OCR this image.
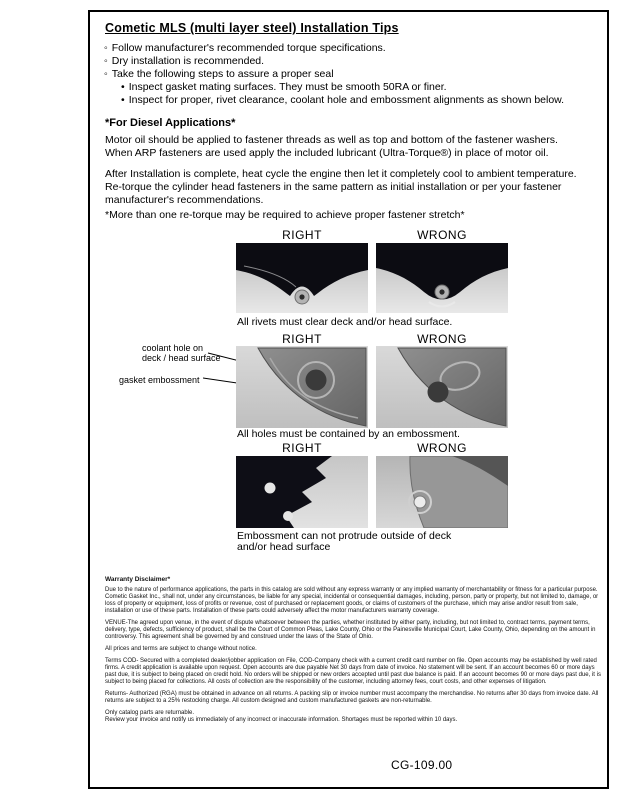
Cometic MLS (multi layer steel) Installation Tips
◦ Follow manufacturer's recommended torque specifications.
◦ Dry installation is recommended.
◦ Take the following steps to assure a proper seal
• Inspect gasket mating surfaces. They must be smooth 50RA or finer.
• Inspect for proper, rivet clearance, coolant hole and embossment alignments as shown below.
*For Diesel Applications*

Motor oil should be applied to fastener threads as well as top and bottom of the fastener washers. When ARP fasteners are used apply the included lubricant (Ultra-Torque®) in place of motor oil.

After Installation is complete, heat cycle the engine then let it completely cool to ambient temperature. Re-torque the cylinder head fasteners in the same pattern as initial installation or per your fastener manufacturer's recommendations.

*More than one re-torque may be required to achieve proper fastener stretch*

RIGHT	WRONG
All rivets must clear deck and/or head surface.
RIGHT	WRONG
coolant hole on
deck / head surface
gasket embossment
All holes must be contained by an embossment.
RIGHT	WRONG
Embossment can not protrude outside of deck
and/or head surface
Warranty Disclaimer*
Due to the nature of performance applications, the parts in this catalog are sold without any express warranty or any implied warranty of merchantability or fitness for a particular purpose. Cometic Gasket Inc., shall not, under any circumstances, be liable for any special, incidental or consequential damages, including, person, party or property, but not limited to, damage, or loss of property or equipment, loss of profits or revenue, cost of purchased or replacement goods, or claims of customers of the purchase, which may arise and/or result from sale, installation or use of these parts. Installation of these parts could adversely affect the motor manufacturers warranty coverage.
VENUE-The agreed upon venue, in the event of dispute whatsoever between the parties, whether instituted by either party, including, but not limited to, contract terms, payment terms, delivery, type, defects, sufficiency of product, shall be the Court of Common Pleas, Lake County, Ohio or the Painesville Municipal Court, Lake County, Ohio, depending on the amount in controversy. This agreement shall be governed by and construed under the laws of the State of Ohio.
All prices and terms are subject to change without notice.
Terms COD- Secured with a completed dealer/jobber application on File, COD-Company check with a current credit card number on file. Open accounts may be established by well rated firms. A credit application is available upon request. Open accounts are due payable Net 30 days from date of invoice. No statement will be sent. If an account becomes 60 or more days past due, it is subject to being placed on credit hold. No orders will be shipped or new orders accepted until past due balance is paid. If an account becomes 90 or more days past due, it is subject to being placed for collections. All costs of collection are the responsibility of the customer, including attorney fees, court costs, and other expenses of litigation.
Returns- Authorized (RGA) must be obtained in advance on all returns. A packing slip or invoice number must accompany the merchandise. No returns after 30 days from invoice date. All returns are subject to a 25% restocking charge. All custom designed and custom manufactured gaskets are non-returnable.
Only catalog parts are returnable.
Review your invoice and notify us immediately of any incorrect or inaccurate information. Shortages must be reported within 10 days.
CG-109.00
